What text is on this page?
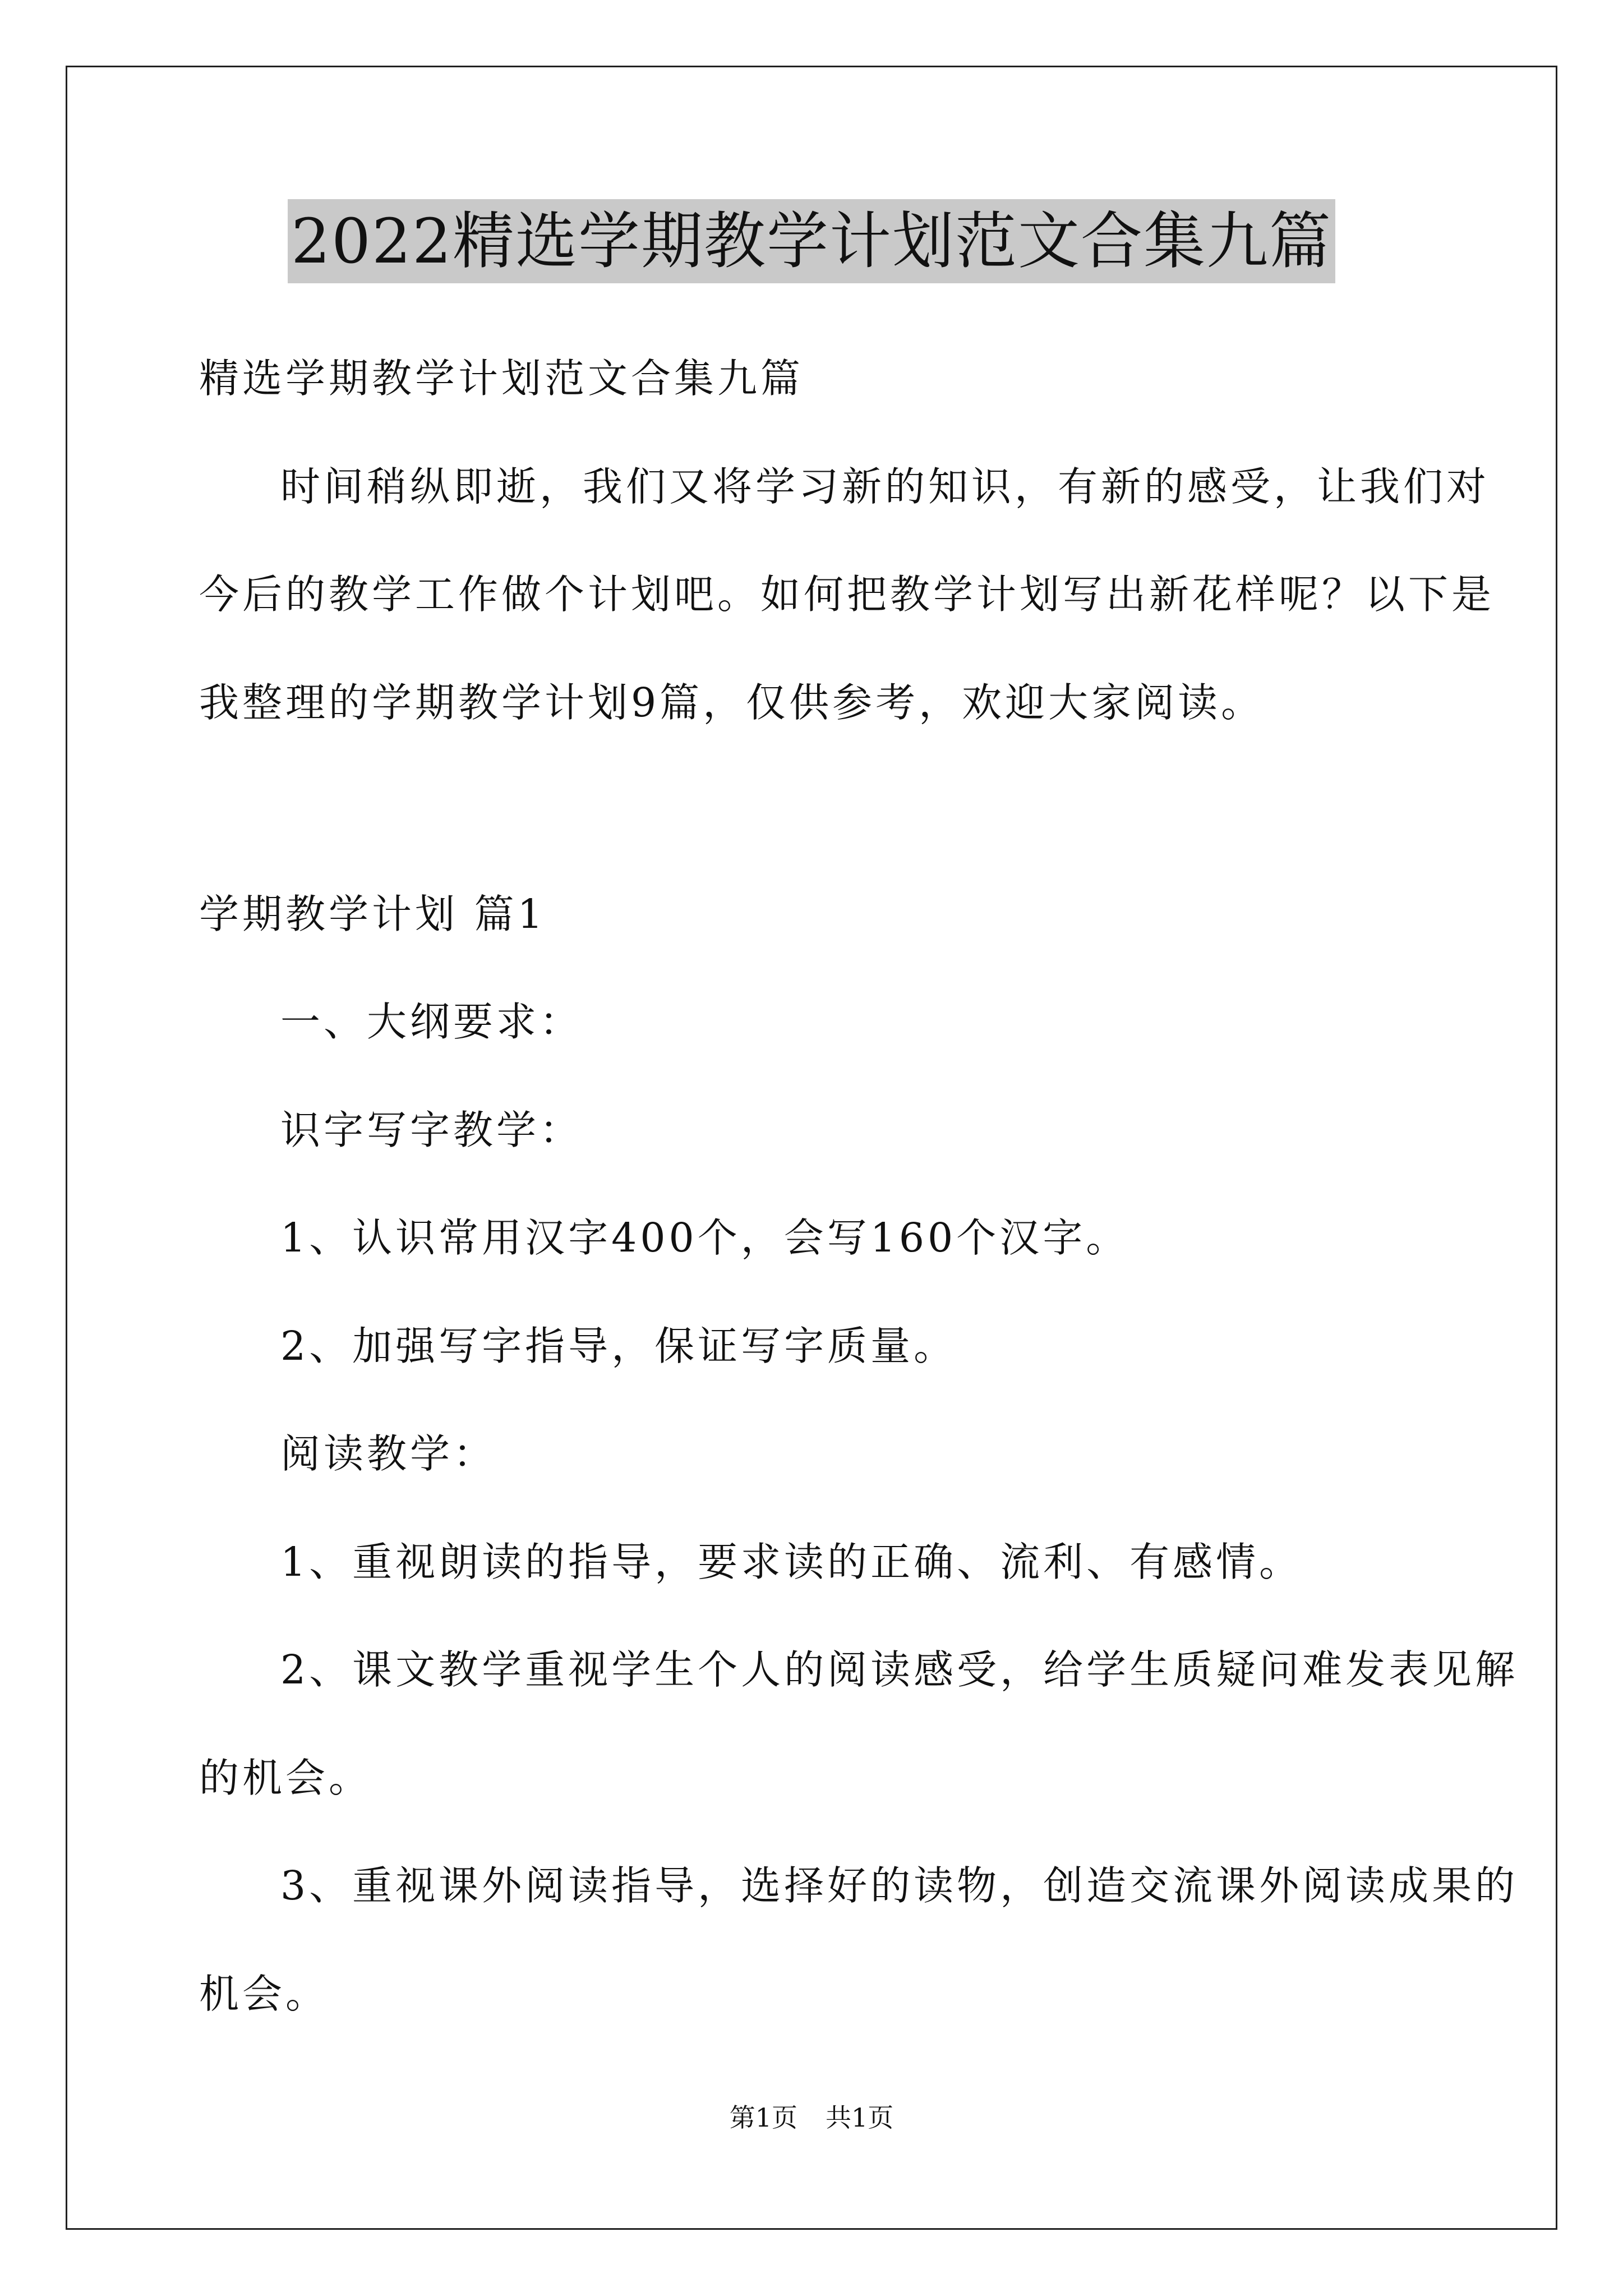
2022精选学期教学计划范文合集九篇
精选学期教学计划范文合集九篇
时间稍纵即逝，我们又将学习新的知识，有新的感受，让我们对
今后的教学工作做个计划吧。如何把教学计划写出新花样呢？以下是
我整理的学期教学计划9篇，仅供参考，欢迎大家阅读。
学期教学计划 篇1
一、大纲要求：
识字写字教学：
1、认识常用汉字400个，会写160个汉字。
2、加强写字指导，保证写字质量。
阅读教学：
1、重视朗读的指导，要求读的正确、流利、有感情。
2、课文教学重视学生个人的阅读感受，给学生质疑问难发表见解
的机会。
3、重视课外阅读指导，选择好的读物，创造交流课外阅读成果的
机会。
第1页 共1页
